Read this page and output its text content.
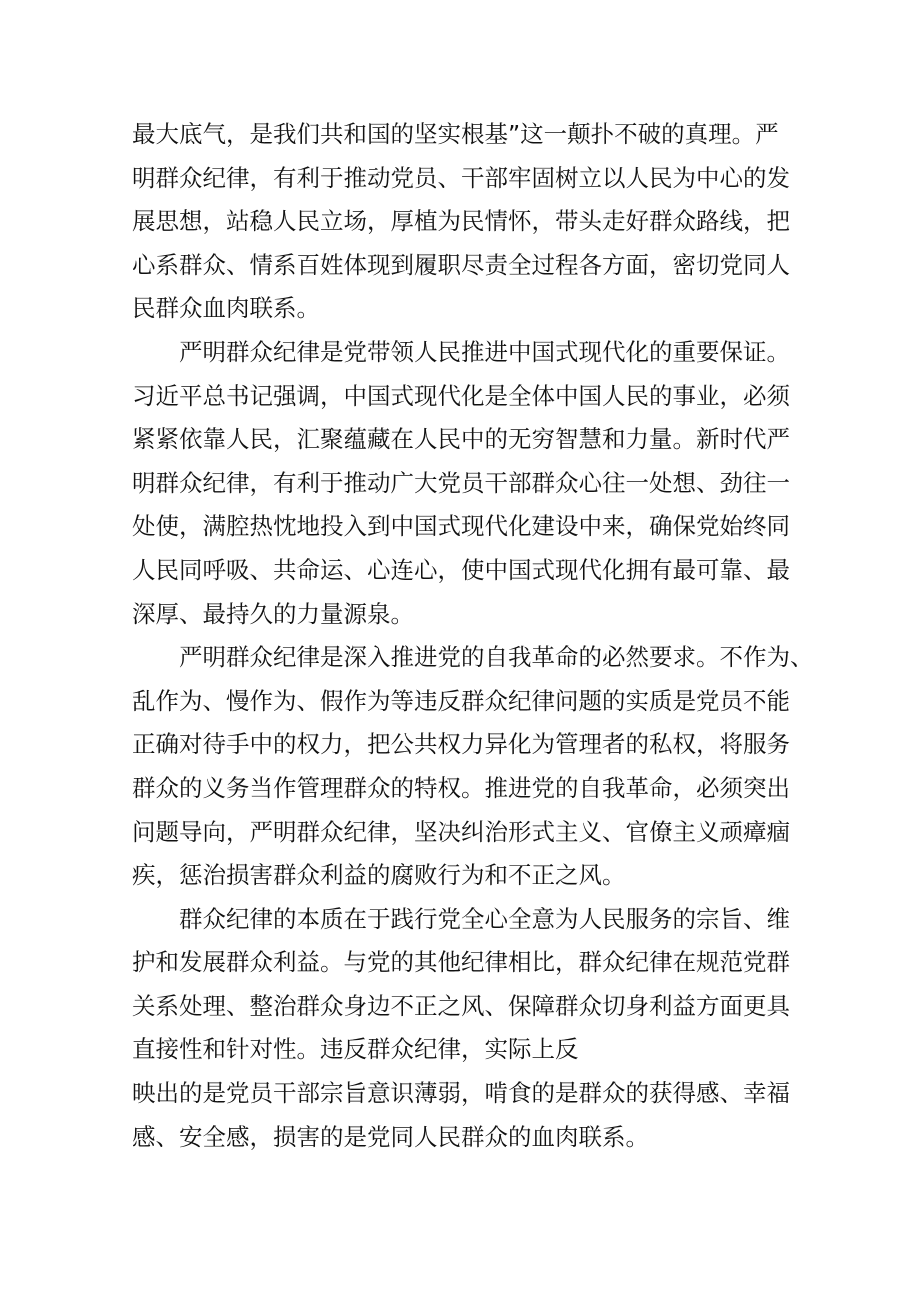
最大底气，是我们共和国的坚实根基”这一颠扑不破的真理。严
明群众纪律，有利于推动党员、干部牢固树立以人民为中心的发
展思想，站稳人民立场，厚植为民情怀，带头走好群众路线，把
心系群众、情系百姓体现到履职尽责全过程各方面，密切党同人
民群众血肉联系。
　　严明群众纪律是党带领人民推进中国式现代化的重要保证。
习近平总书记强调，中国式现代化是全体中国人民的事业，必须
紧紧依靠人民，汇聚蕴藏在人民中的无穷智慧和力量。新时代严
明群众纪律，有利于推动广大党员干部群众心往一处想、劲往一
处使，满腔热忱地投入到中国式现代化建设中来，确保党始终同
人民同呼吸、共命运、心连心，使中国式现代化拥有最可靠、最
深厚、最持久的力量源泉。
　　严明群众纪律是深入推进党的自我革命的必然要求。不作为、
乱作为、慢作为、假作为等违反群众纪律问题的实质是党员不能
正确对待手中的权力，把公共权力异化为管理者的私权，将服务
群众的义务当作管理群众的特权。推进党的自我革命，必须突出
问题导向，严明群众纪律，坚决纠治形式主义、官僚主义顽瘴痼
疾，惩治损害群众利益的腐败行为和不正之风。
　　群众纪律的本质在于践行党全心全意为人民服务的宗旨、维
护和发展群众利益。与党的其他纪律相比，群众纪律在规范党群
关系处理、整治群众身边不正之风、保障群众切身利益方面更具
直接性和针对性。违反群众纪律，实际上反
映出的是党员干部宗旨意识薄弱，啃食的是群众的获得感、幸福
感、安全感，损害的是党同人民群众的血肉联系。
